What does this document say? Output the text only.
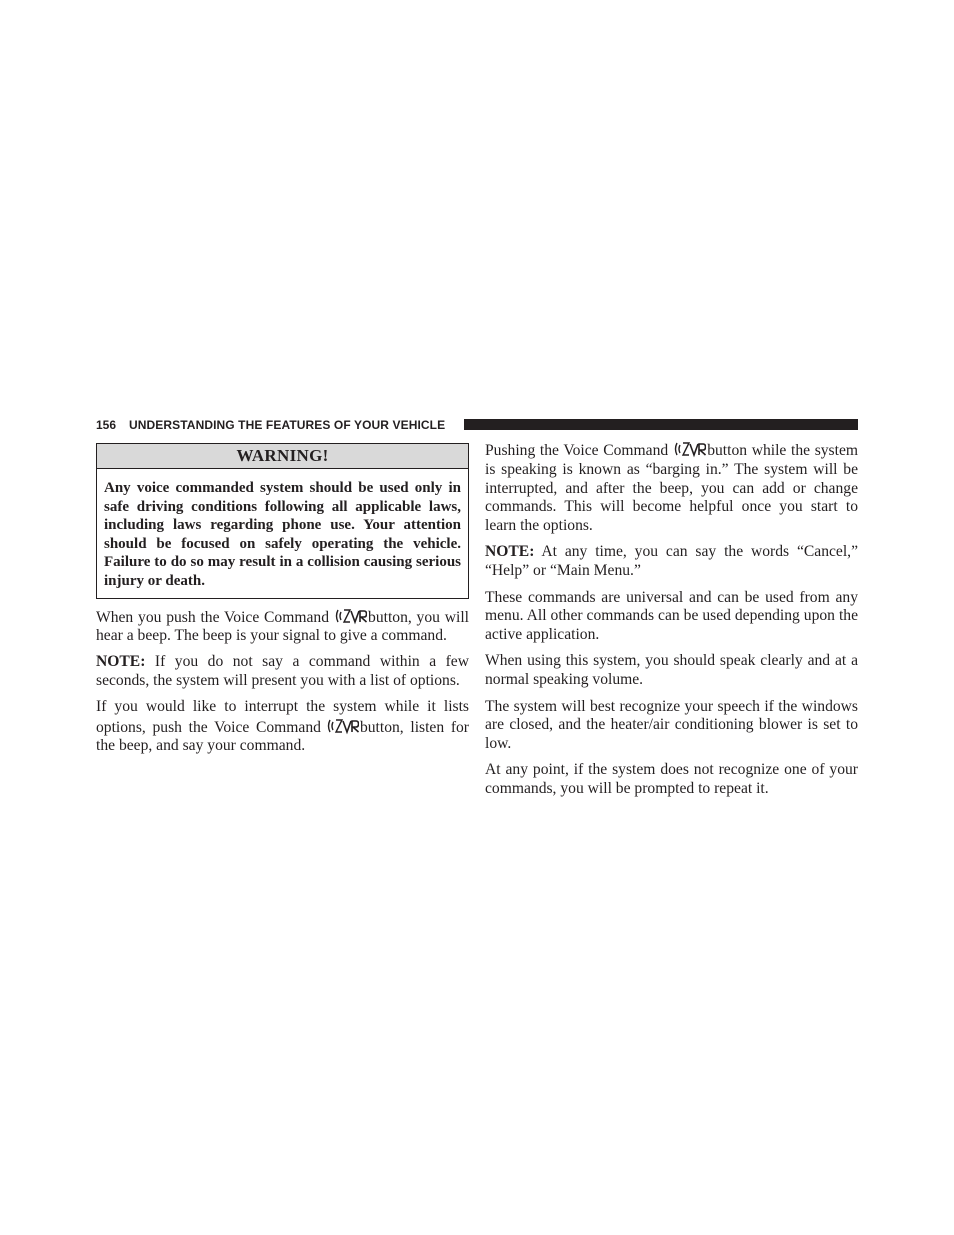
156 UNDERSTANDING THE FEATURES OF YOUR VEHICLE
WARNING!
Any voice commanded system should be used only in safe driving conditions following all applicable laws, including laws regarding phone use. Your attention should be focused on safely operating the vehicle. Failure to do so may result in a collision causing serious injury or death.

When you push the Voice Command	button, you will hear a beep. The beep is your signal to give a command.

NOTE: If you do not say a command within a few seconds, the system will present you with a list of options.

If you would like to interrupt the system while it lists options, push the Voice Command	button, listen for the beep, and say your command.

Pushing the Voice Command	button while the system is speaking is known as “barging in.” The system will be interrupted, and after the beep, you can add or change commands. This will become helpful once you start to learn the options.

NOTE: At any time, you can say the words “Cancel,” “Help” or “Main Menu.”

These commands are universal and can be used from any menu. All other commands can be used depending upon the active application.

When using this system, you should speak clearly and at a normal speaking volume.

The system will best recognize your speech if the windows are closed, and the heater/air conditioning blower is set to low.

At any point, if the system does not recognize one of your commands, you will be prompted to repeat it.
